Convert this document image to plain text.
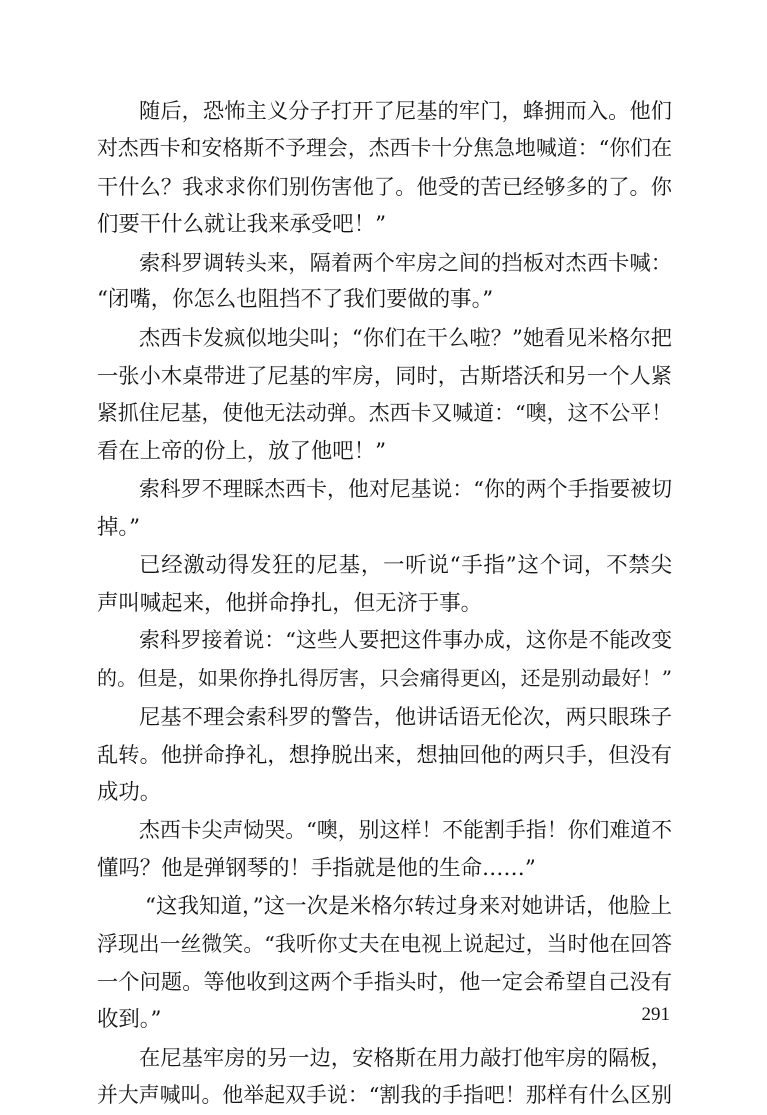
随后，恐怖主义分子打开了尼基的牢门，蜂拥而入。他们
对杰西卡和安格斯不予理会，杰西卡十分焦急地喊道：“你们在
干什么？我求求你们别伤害他了。他受的苦已经够多的了。你
们要干什么就让我来承受吧！”
索科罗调转头来，隔着两个牢房之间的挡板对杰西卡喊：
“闭嘴，你怎么也阻挡不了我们要做的事。”
杰西卡发疯似地尖叫；“你们在干么啦？”她看见米格尔把
一张小木桌带进了尼基的牢房，同时，古斯塔沃和另一个人紧
紧抓住尼基，使他无法动弹。杰西卡又喊道：“噢，这不公平！
看在上帝的份上，放了他吧！”
索科罗不理睬杰西卡，他对尼基说：“你的两个手指要被切
掉。”
已经激动得发狂的尼基，一听说“手指”这个词，不禁尖
声叫喊起来，他拼命挣扎，但无济于事。
索科罗接着说：“这些人要把这件事办成，这你是不能改变
的。但是，如果你挣扎得厉害，只会痛得更凶，还是别动最好！”
尼基不理会索科罗的警告，他讲话语无伦次，两只眼珠子
乱转。他拼命挣礼，想挣脱出来，想抽回他的两只手，但没有
成功。
杰西卡尖声恸哭。“噢，别这样！不能割手指！你们难道不
懂吗？他是弹钢琴的！手指就是他的生命……”
“这我知道，”这一次是米格尔转过身来对她讲话，他脸上
浮现出一丝微笑。“我听你丈夫在电视上说起过，当时他在回答
一个问题。等他收到这两个手指头时，他一定会希望自己没有
收到。”
在尼基牢房的另一边，安格斯在用力敲打他牢房的隔板，
并大声喊叫。他举起双手说：“割我的手指吧！那样有什么区别
291
